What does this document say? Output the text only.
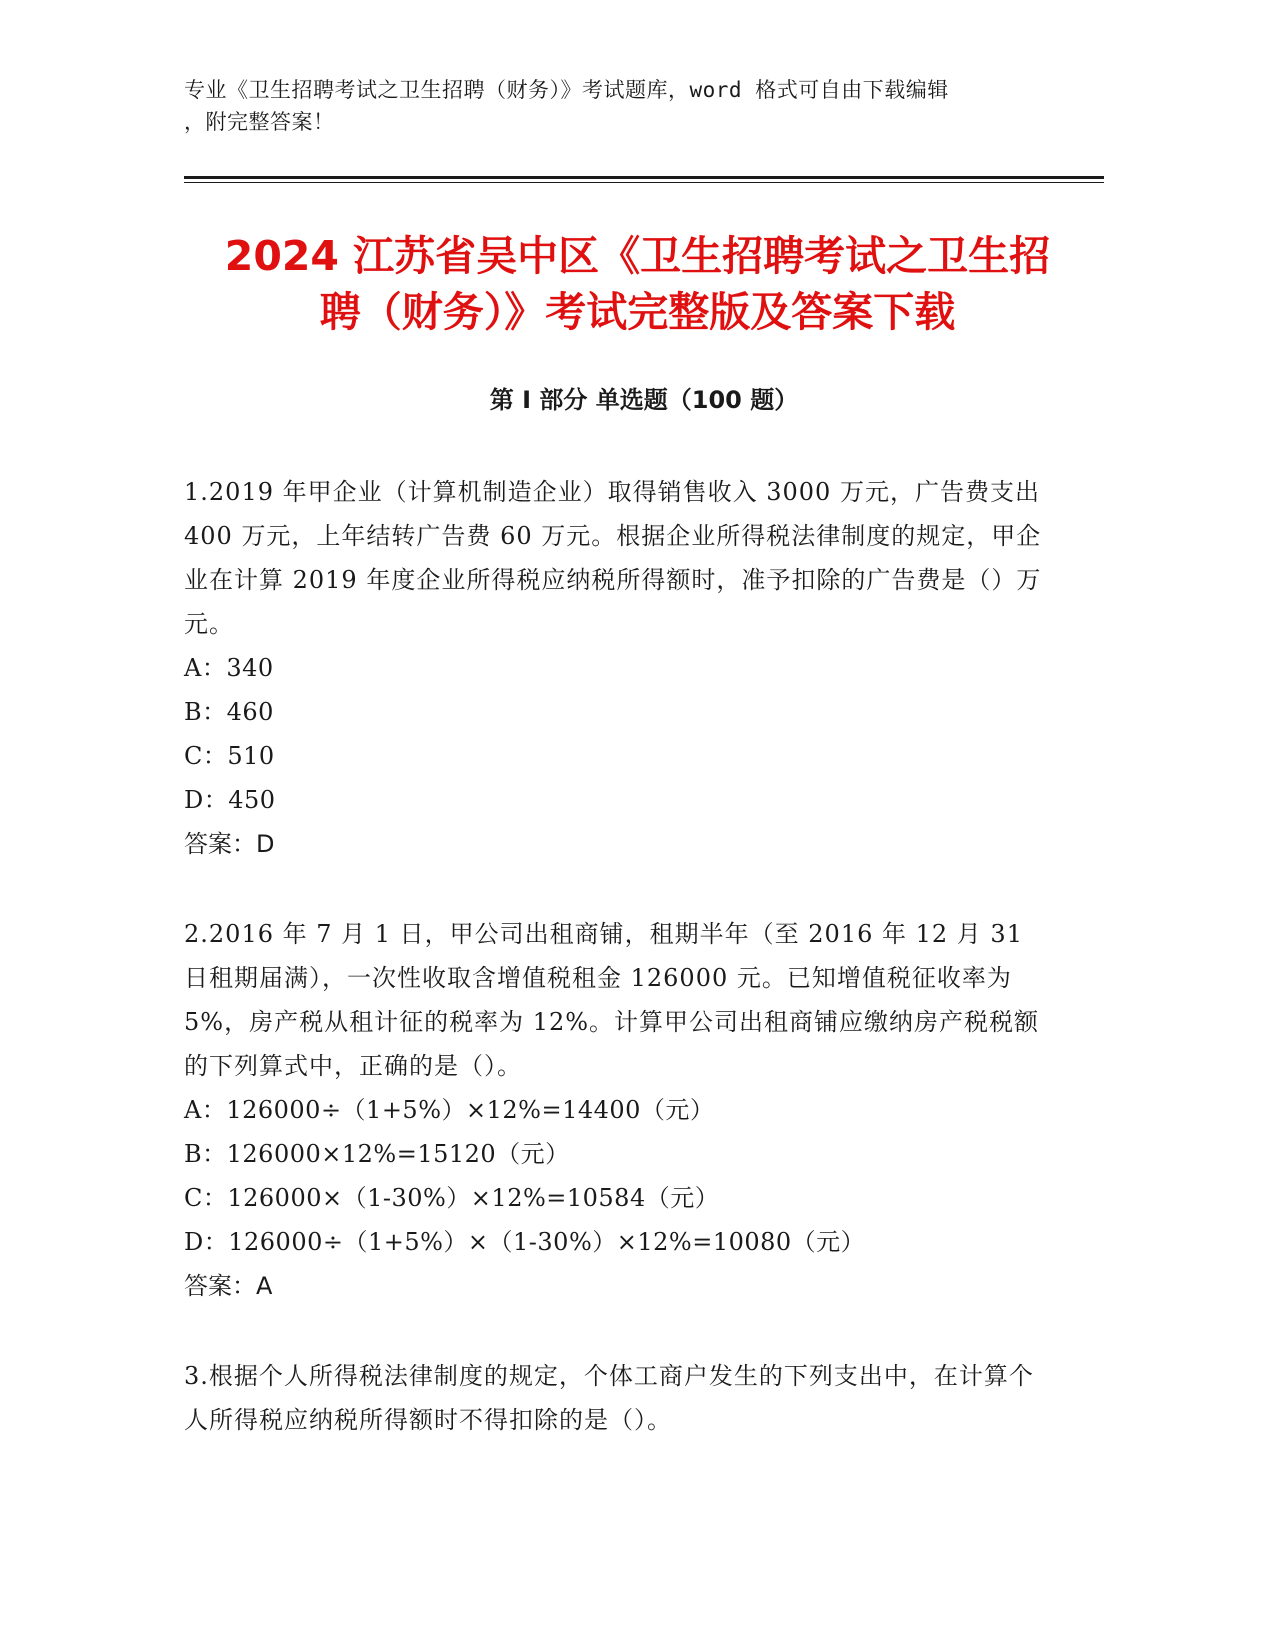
专业《卫生招聘考试之卫生招聘（财务）》考试题库，word 格式可自由下载编辑
，附完整答案！
2024 江苏省吴中区《卫生招聘考试之卫生招
聘（财务）》考试完整版及答案下载
第 I 部分 单选题（100 题）

1.2019 年甲企业（计算机制造企业）取得销售收入 3000 万元，广告费支出 400 万元，上年结转广告费 60 万元。根据企业所得税法律制度的规定，甲企业在计算 2019 年度企业所得税应纳税所得额时，准予扣除的广告费是（）万元。

A：340

B：460

C：510

D：450

答案：D

2.2016 年 7 月 1 日，甲公司出租商铺，租期半年（至 2016 年 12 月 31 日租期届满），一次性收取含增值税租金 126000 元。已知增值税征收率为 5%，房产税从租计征的税率为 12%。计算甲公司出租商铺应缴纳房产税税额的下列算式中，正确的是（）。

A：126000÷（1+5%）×12%=14400（元）

B：126000×12%=15120（元）

C：126000×（1-30%）×12%=10584（元）

D：126000÷（1+5%）×（1-30%）×12%=10080（元）

答案：A

3.根据个人所得税法律制度的规定，个体工商户发生的下列支出中，在计算个人所得税应纳税所得额时不得扣除的是（）。
